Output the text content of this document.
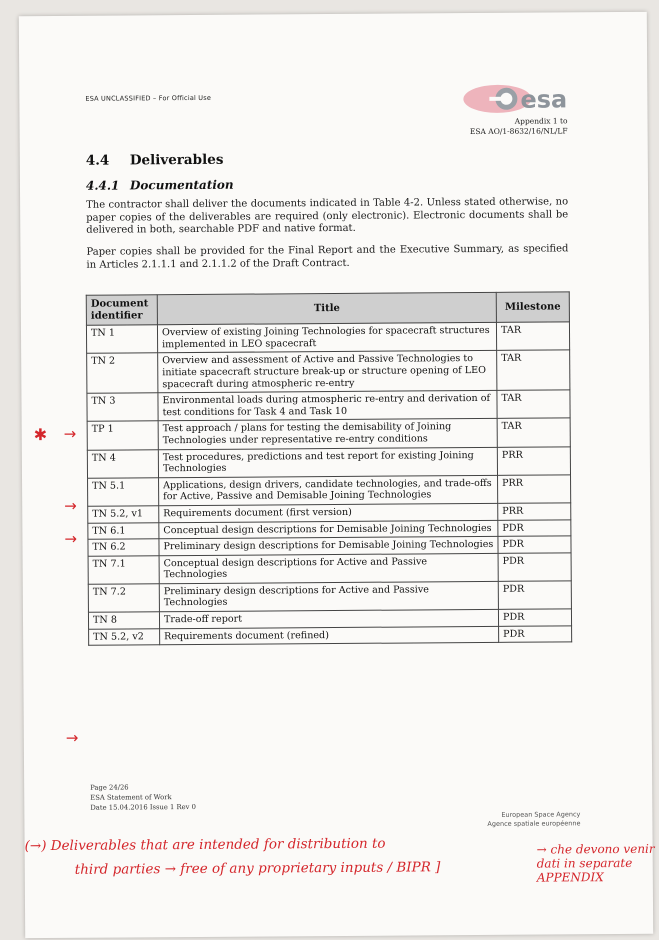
ESA UNCLASSIFIED – For Official Use	esa
Appendix 1 to
ESA AO/1-8632/16/NL/LF
4.4 Deliverables
4.4.1 Documentation
The contractor shall deliver the documents indicated in Table 4-2. Unless stated otherwise, no paper copies of the deliverables are required (only electronic). Electronic documents shall be delivered in both, searchable PDF and native format.
Paper copies shall be provided for the Final Report and the Executive Summary, as specified in Articles 2.1.1.1 and 2.1.1.2 of the Draft Contract.
Document identifier	Title	Milestone
TN 1	Overview of existing Joining Technologies for spacecraft structures implemented in LEO spacecraft	TAR
TN 2	Overview and assessment of Active and Passive Technologies to initiate spacecraft structure break-up or structure opening of LEO spacecraft during atmospheric re-entry	TAR
TN 3	Environmental loads during atmospheric re-entry and derivation of test conditions for Task 4 and Task 10	TAR
TP 1	Test approach / plans for testing the demisability of Joining Technologies under representative re-entry conditions	TAR
TN 4	Test procedures, predictions and test report for existing Joining Technologies	PRR
TN 5.1	Applications, design drivers, candidate technologies, and trade-offs for Active, Passive and Demisable Joining Technologies	PRR
TN 5.2, v1	Requirements document (first version)	PRR
TN 6.1	Conceptual design descriptions for Demisable Joining Technologies	PDR
TN 6.2	Preliminary design descriptions for Demisable Joining Technologies	PDR
TN 7.1	Conceptual design descriptions for Active and Passive Technologies	PDR
TN 7.2	Preliminary design descriptions for Active and Passive Technologies	PDR
TN 8	Trade-off report	PDR
TN 5.2, v2	Requirements document (refined)	PDR
Page 24/26
ESA Statement of Work
Date 15.04.2016 Issue 1 Rev 0
European Space Agency
Agence spatiale européenne
✱ →
→
→
→
(→) Deliverables that are intended for distribution to
third parties → free of any proprietary inputs / BIPR ]
→ che devono venir dati in separate APPENDIX
